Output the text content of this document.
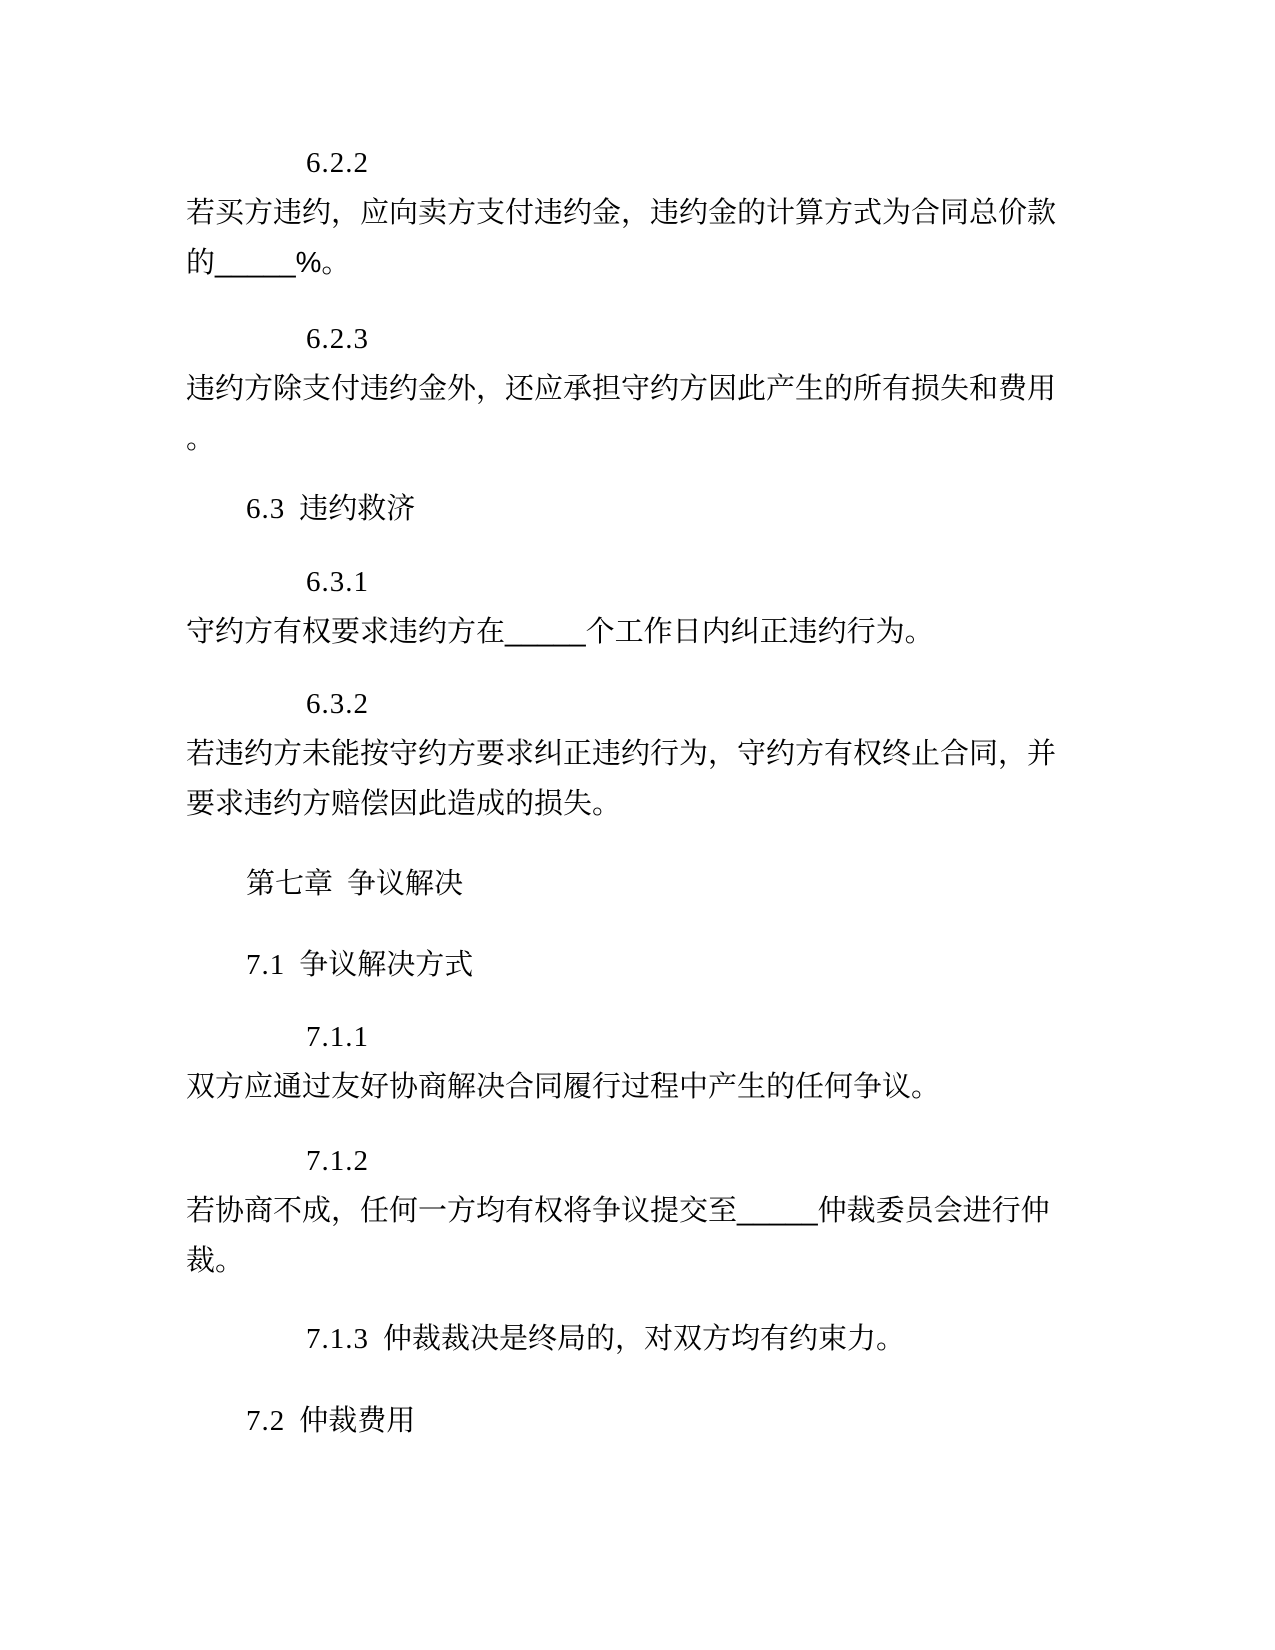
6.2.2
若买方违约，应向卖方支付违约金，违约金的计算方式为合同总价款的_____%。
6.2.3
违约方除支付违约金外，还应承担守约方因此产生的所有损失和费用。
6.3 违约救济
6.3.1
守约方有权要求违约方在_____个工作日内纠正违约行为。
6.3.2
若违约方未能按守约方要求纠正违约行为，守约方有权终止合同，并要求违约方赔偿因此造成的损失。
第七章 争议解决
7.1 争议解决方式
7.1.1
双方应通过友好协商解决合同履行过程中产生的任何争议。
7.1.2
若协商不成，任何一方均有权将争议提交至_____仲裁委员会进行仲裁。
7.1.3 仲裁裁决是终局的，对双方均有约束力。
7.2 仲裁费用
